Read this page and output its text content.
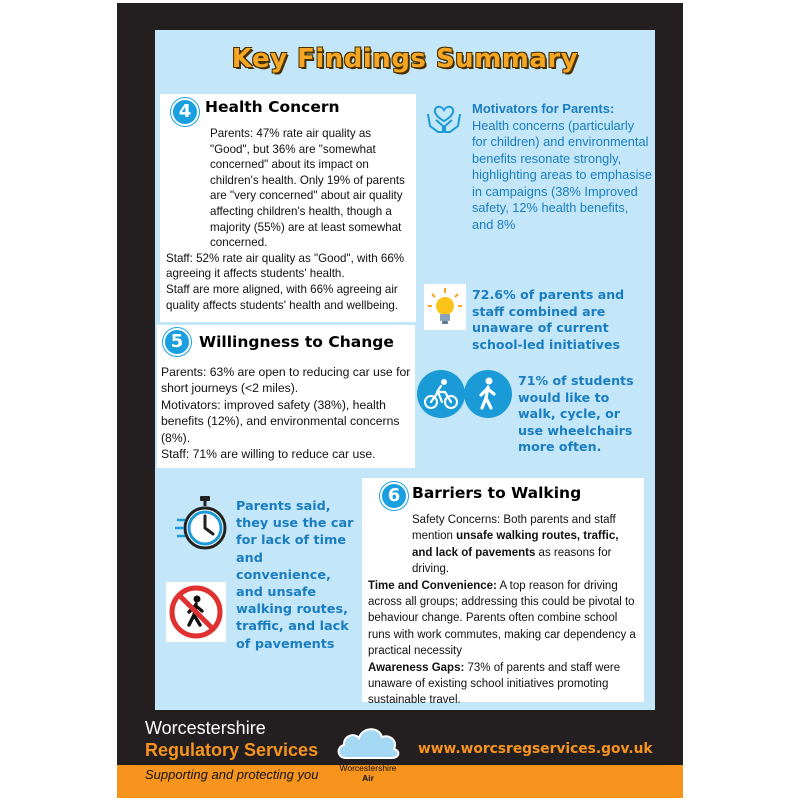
Key Findings Summary
4 Health Concern

Parents: 47% rate air quality as "Good", but 36% are "somewhat concerned" about its impact on children's health. Only 19% of parents are "very concerned" about air quality affecting children's health, though a majority (55%) are at least somewhat concerned.

Staff: 52% rate air quality as "Good", with 66% agreeing it affects students' health.

Staff are more aligned, with 66% agreeing air quality affects students' health and wellbeing.

5	Willingness to Change

Parents: 63% are open to reducing car use for short journeys (<2 miles).

Motivators: improved safety (38%), health benefits (12%), and environmental concerns (8%).

Staff: 71% are willing to reduce car use.

Motivators for Parents:
Health concerns (particularly for children) and environmental benefits resonate strongly, highlighting areas to emphasise in campaigns (38% Improved safety, 12% health benefits, and 8%
72.6% of parents and staff combined are unaware of current school-led initiatives
71% of students would like to walk, cycle, or use wheelchairs more often.
Parents said, they use the car for lack of time and convenience, and unsafe walking routes, traffic, and lack of pavements
6 Barriers to Walking

Safety Concerns: Both parents and staff mention unsafe walking routes, traffic, and lack of pavements as reasons for driving.

Time and Convenience: A top reason for driving across all groups; addressing this could be pivotal to behaviour change. Parents often combine school runs with work commutes, making car dependency a practical necessity

Awareness Gaps: 73% of parents and staff were unaware of existing school initiatives promoting sustainable travel.

Worcestershire
Regulatory Services
Supporting and protecting you	Worcestershire
Air
www.worcsregservices.gov.uk
